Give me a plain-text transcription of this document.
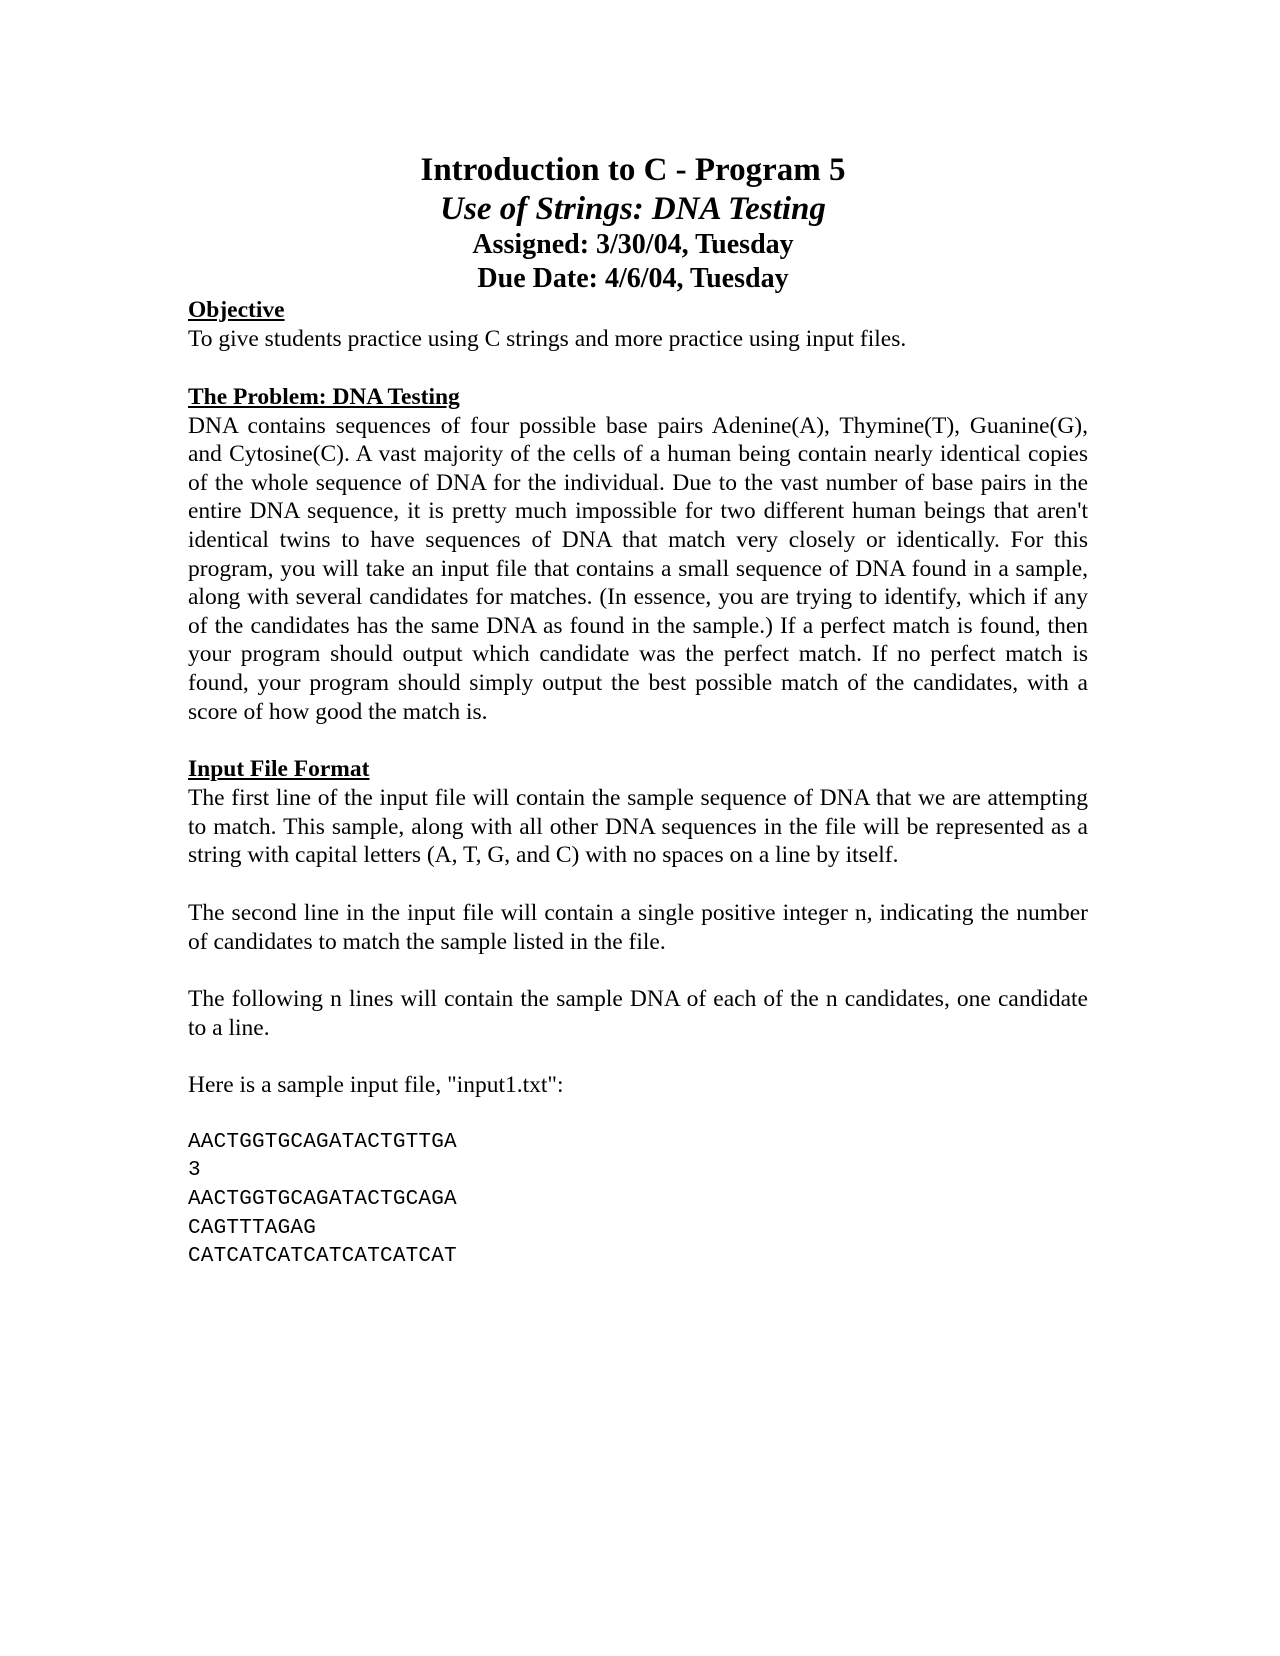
Introduction to C - Program 5

Use of Strings: DNA Testing

Assigned: 3/30/04, Tuesday

Due Date: 4/6/04, Tuesday

Objective

To give students practice using C strings and more practice using input files.

The Problem: DNA Testing

DNA contains sequences of four possible base pairs Adenine(A), Thymine(T), Guanine(G), and Cytosine(C). A vast majority of the cells of a human being contain nearly identical copies of the whole sequence of DNA for the individual. Due to the vast number of base pairs in the entire DNA sequence, it is pretty much impossible for two different human beings that aren't identical twins to have sequences of DNA that match very closely or identically. For this program, you will take an input file that contains a small sequence of DNA found in a sample, along with several candidates for matches. (In essence, you are trying to identify, which if any of the candidates has the same DNA as found in the sample.) If a perfect match is found, then your program should output which candidate was the perfect match. If no perfect match is found, your program should simply output the best possible match of the candidates, with a score of how good the match is.

Input File Format

The first line of the input file will contain the sample sequence of DNA that we are attempting to match. This sample, along with all other DNA sequences in the file will be represented as a string with capital letters (A, T, G, and C) with no spaces on a line by itself.

The second line in the input file will contain a single positive integer n, indicating the number of candidates to match the sample listed in the file.

The following n lines will contain the sample DNA of each of the n candidates, one candidate to a line.

Here is a sample input file, "input1.txt":

AACTGGTGCAGATACTGTTGA

3

AACTGGTGCAGATACTGCAGA

CAGTTTAGAG

CATCATCATCATCATCATCAT
